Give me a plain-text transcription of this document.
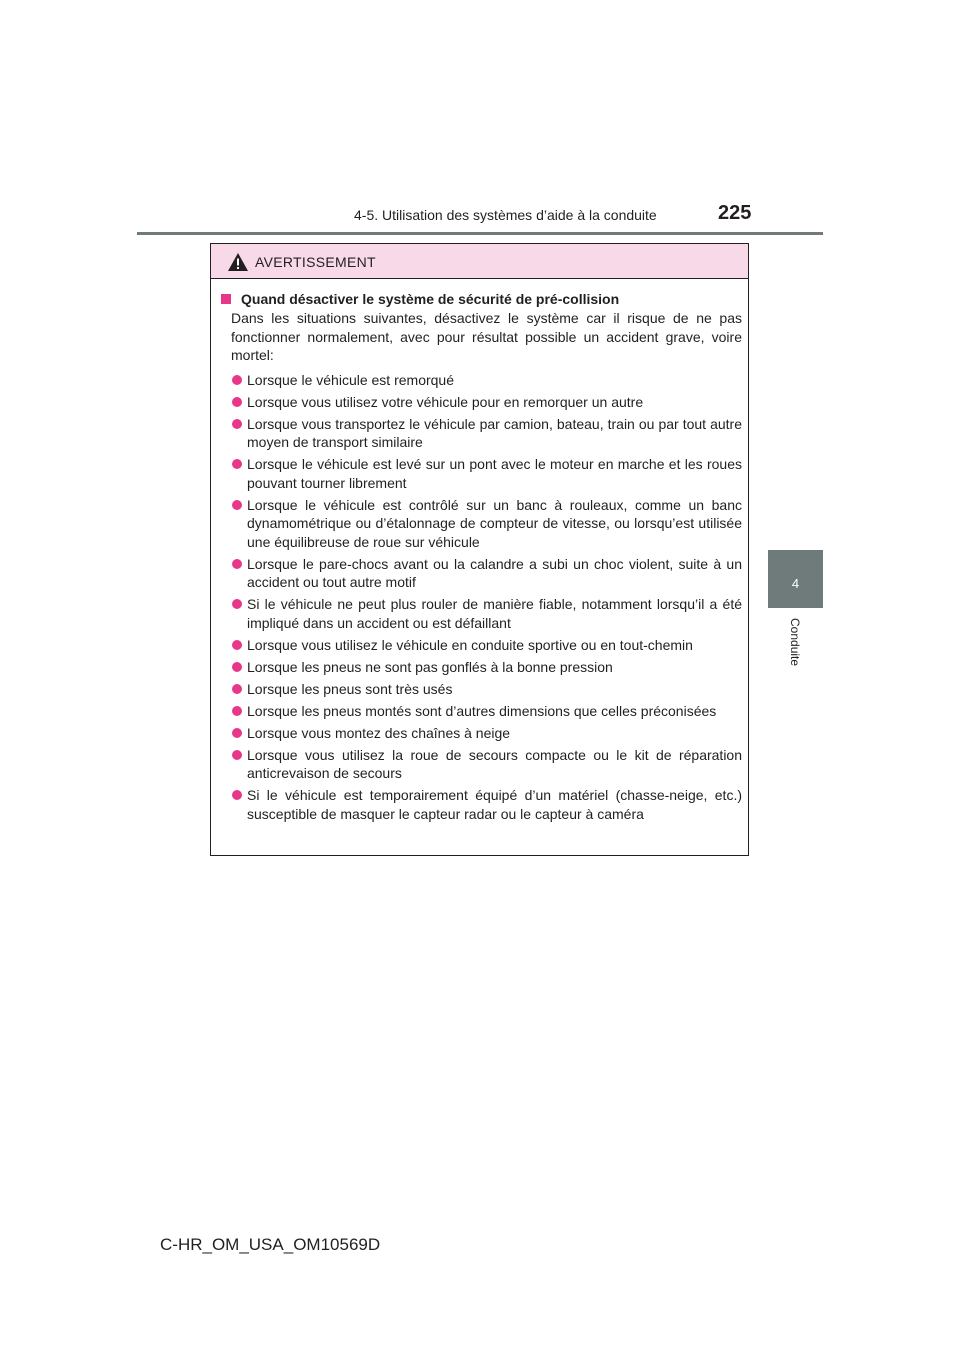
4-5. Utilisation des systèmes d’aide à la conduite	225
4
Conduite
AVERTISSEMENT
Quand désactiver le système de sécurité de pré-collision
Dans les situations suivantes, désactivez le système car il risque de ne pas fonctionner normalement, avec pour résultat possible un accident grave, voire mortel:
Lorsque le véhicule est remorqué
Lorsque vous utilisez votre véhicule pour en remorquer un autre
Lorsque vous transportez le véhicule par camion, bateau, train ou par tout autre moyen de transport similaire
Lorsque le véhicule est levé sur un pont avec le moteur en marche et les roues pouvant tourner librement
Lorsque le véhicule est contrôlé sur un banc à rouleaux, comme un banc dynamométrique ou d’étalonnage de compteur de vitesse, ou lorsqu’est utilisée une équilibreuse de roue sur véhicule
Lorsque le pare-chocs avant ou la calandre a subi un choc violent, suite à un accident ou tout autre motif
Si le véhicule ne peut plus rouler de manière fiable, notamment lorsqu’il a été impliqué dans un accident ou est défaillant
Lorsque vous utilisez le véhicule en conduite sportive ou en tout-chemin
Lorsque les pneus ne sont pas gonflés à la bonne pression
Lorsque les pneus sont très usés
Lorsque les pneus montés sont d’autres dimensions que celles préconisées
Lorsque vous montez des chaînes à neige
Lorsque vous utilisez la roue de secours compacte ou le kit de réparation anticrevaison de secours
Si le véhicule est temporairement équipé d’un matériel (chasse-neige, etc.) susceptible de masquer le capteur radar ou le capteur à caméra
C-HR_OM_USA_OM10569D
